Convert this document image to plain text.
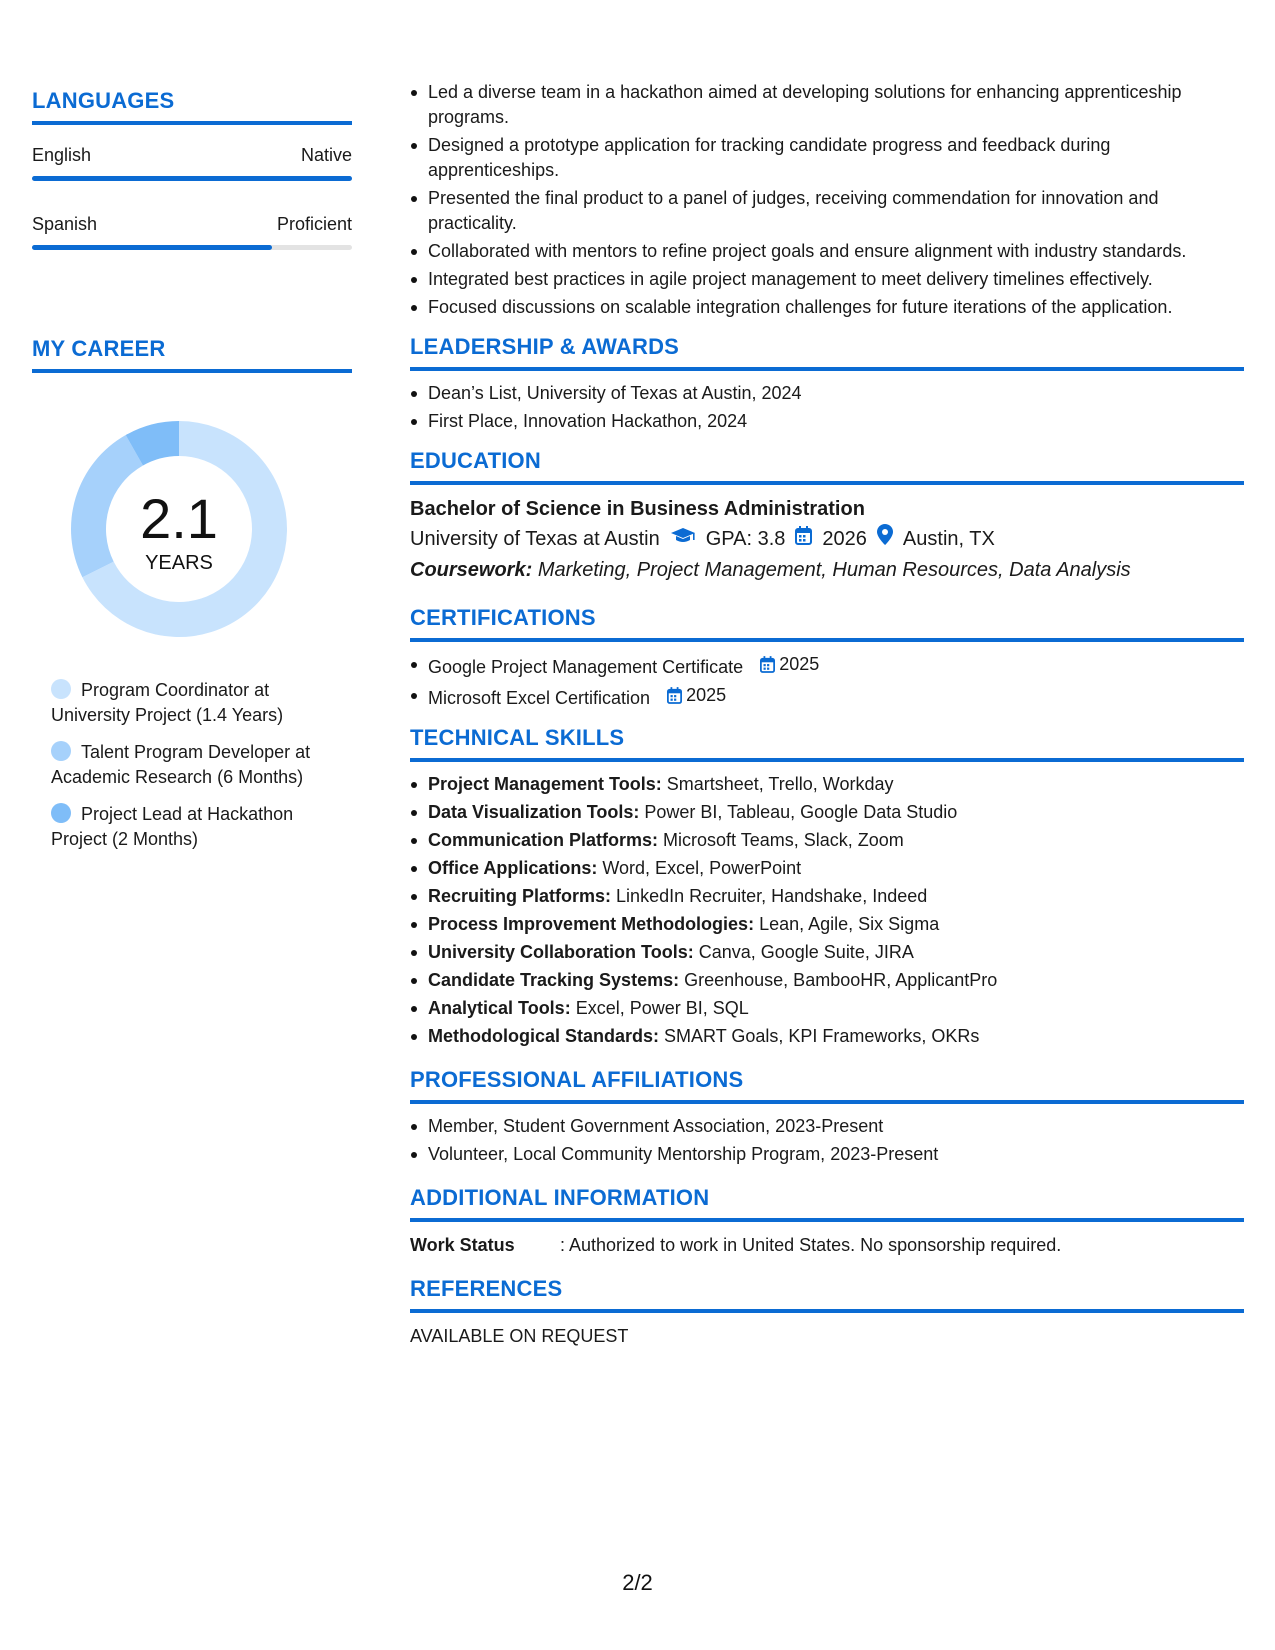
LANGUAGES
English	Native
Spanish	Proficient
MY CAREER
2.1
YEARS
Program Coordinator at University Project (1.4 Years)
Talent Program Developer at Academic Research (6 Months)
Project Lead at Hackathon Project (2 Months)
Led a diverse team in a hackathon aimed at developing solutions for enhancing apprenticeship programs.
Designed a prototype application for tracking candidate progress and feedback during apprenticeships.
Presented the final product to a panel of judges, receiving commendation for innovation and practicality.
Collaborated with mentors to refine project goals and ensure alignment with industry standards.
Integrated best practices in agile project management to meet delivery timelines effectively.
Focused discussions on scalable integration challenges for future iterations of the application.
LEADERSHIP & AWARDS
Dean’s List, University of Texas at Austin, 2024
First Place, Innovation Hackathon, 2024
EDUCATION
Bachelor of Science in Business Administration
University of Texas at Austin GPA: 3.8 2026 Austin, TX
Coursework: Marketing, Project Management, Human Resources, Data Analysis
CERTIFICATIONS
Google Project Management Certificate 2025
Microsoft Excel Certification 2025
TECHNICAL SKILLS
Project Management Tools: Smartsheet, Trello, Workday
Data Visualization Tools: Power BI, Tableau, Google Data Studio
Communication Platforms: Microsoft Teams, Slack, Zoom
Office Applications: Word, Excel, PowerPoint
Recruiting Platforms: LinkedIn Recruiter, Handshake, Indeed
Process Improvement Methodologies: Lean, Agile, Six Sigma
University Collaboration Tools: Canva, Google Suite, JIRA
Candidate Tracking Systems: Greenhouse, BambooHR, ApplicantPro
Analytical Tools: Excel, Power BI, SQL
Methodological Standards: SMART Goals, KPI Frameworks, OKRs
PROFESSIONAL AFFILIATIONS
Member, Student Government Association, 2023-Present
Volunteer, Local Community Mentorship Program, 2023-Present
ADDITIONAL INFORMATION
Work Status	: Authorized to work in United States. No sponsorship required.
REFERENCES
AVAILABLE ON REQUEST
2/2
